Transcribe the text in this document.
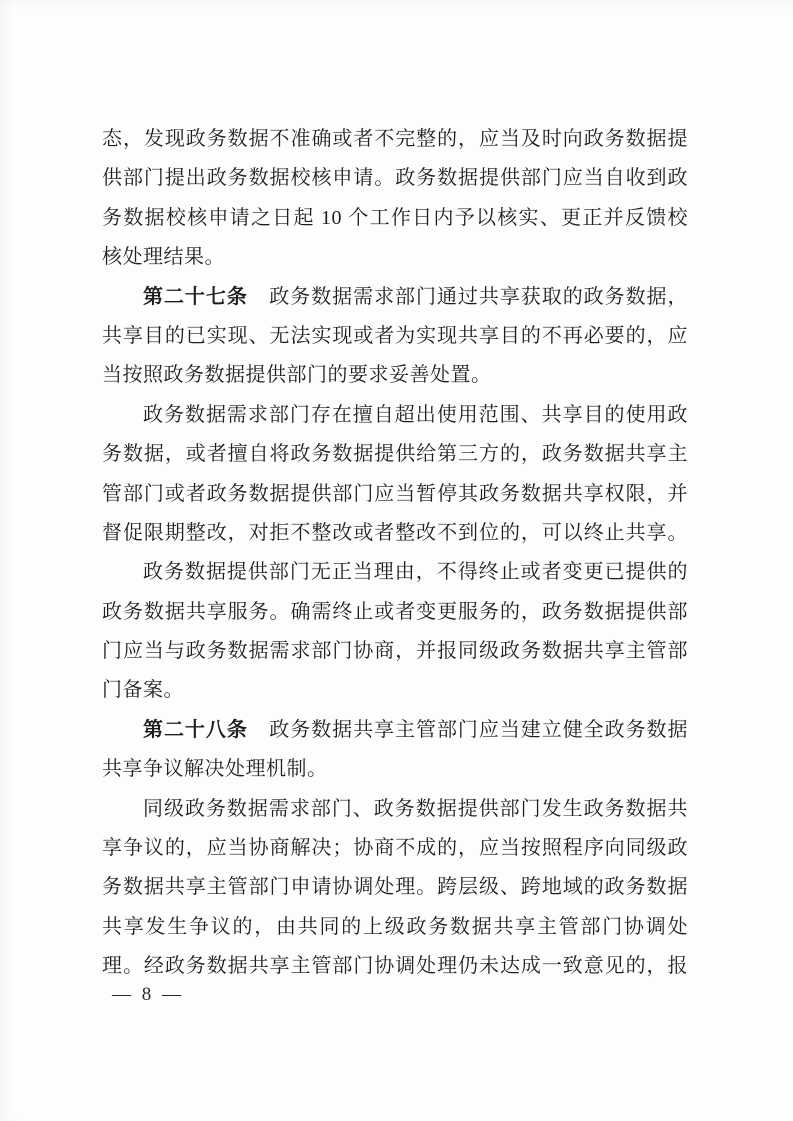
态，发现政务数据不准确或者不完整的，应当及时向政务数据提
供部门提出政务数据校核申请。政务数据提供部门应当自收到政
务数据校核申请之日起 10 个工作日内予以核实、更正并反馈校
核处理结果。
第二十七条 政务数据需求部门通过共享获取的政务数据，
共享目的已实现、无法实现或者为实现共享目的不再必要的，应
当按照政务数据提供部门的要求妥善处置。
政务数据需求部门存在擅自超出使用范围、共享目的使用政
务数据，或者擅自将政务数据提供给第三方的，政务数据共享主
管部门或者政务数据提供部门应当暂停其政务数据共享权限，并
督促限期整改，对拒不整改或者整改不到位的，可以终止共享。
政务数据提供部门无正当理由，不得终止或者变更已提供的
政务数据共享服务。确需终止或者变更服务的，政务数据提供部
门应当与政务数据需求部门协商，并报同级政务数据共享主管部
门备案。
第二十八条 政务数据共享主管部门应当建立健全政务数据
共享争议解决处理机制。
同级政务数据需求部门、政务数据提供部门发生政务数据共
享争议的，应当协商解决；协商不成的，应当按照程序向同级政
务数据共享主管部门申请协调处理。跨层级、跨地域的政务数据
共享发生争议的，由共同的上级政务数据共享主管部门协调处
理。经政务数据共享主管部门协调处理仍未达成一致意见的，报
— 8 —
